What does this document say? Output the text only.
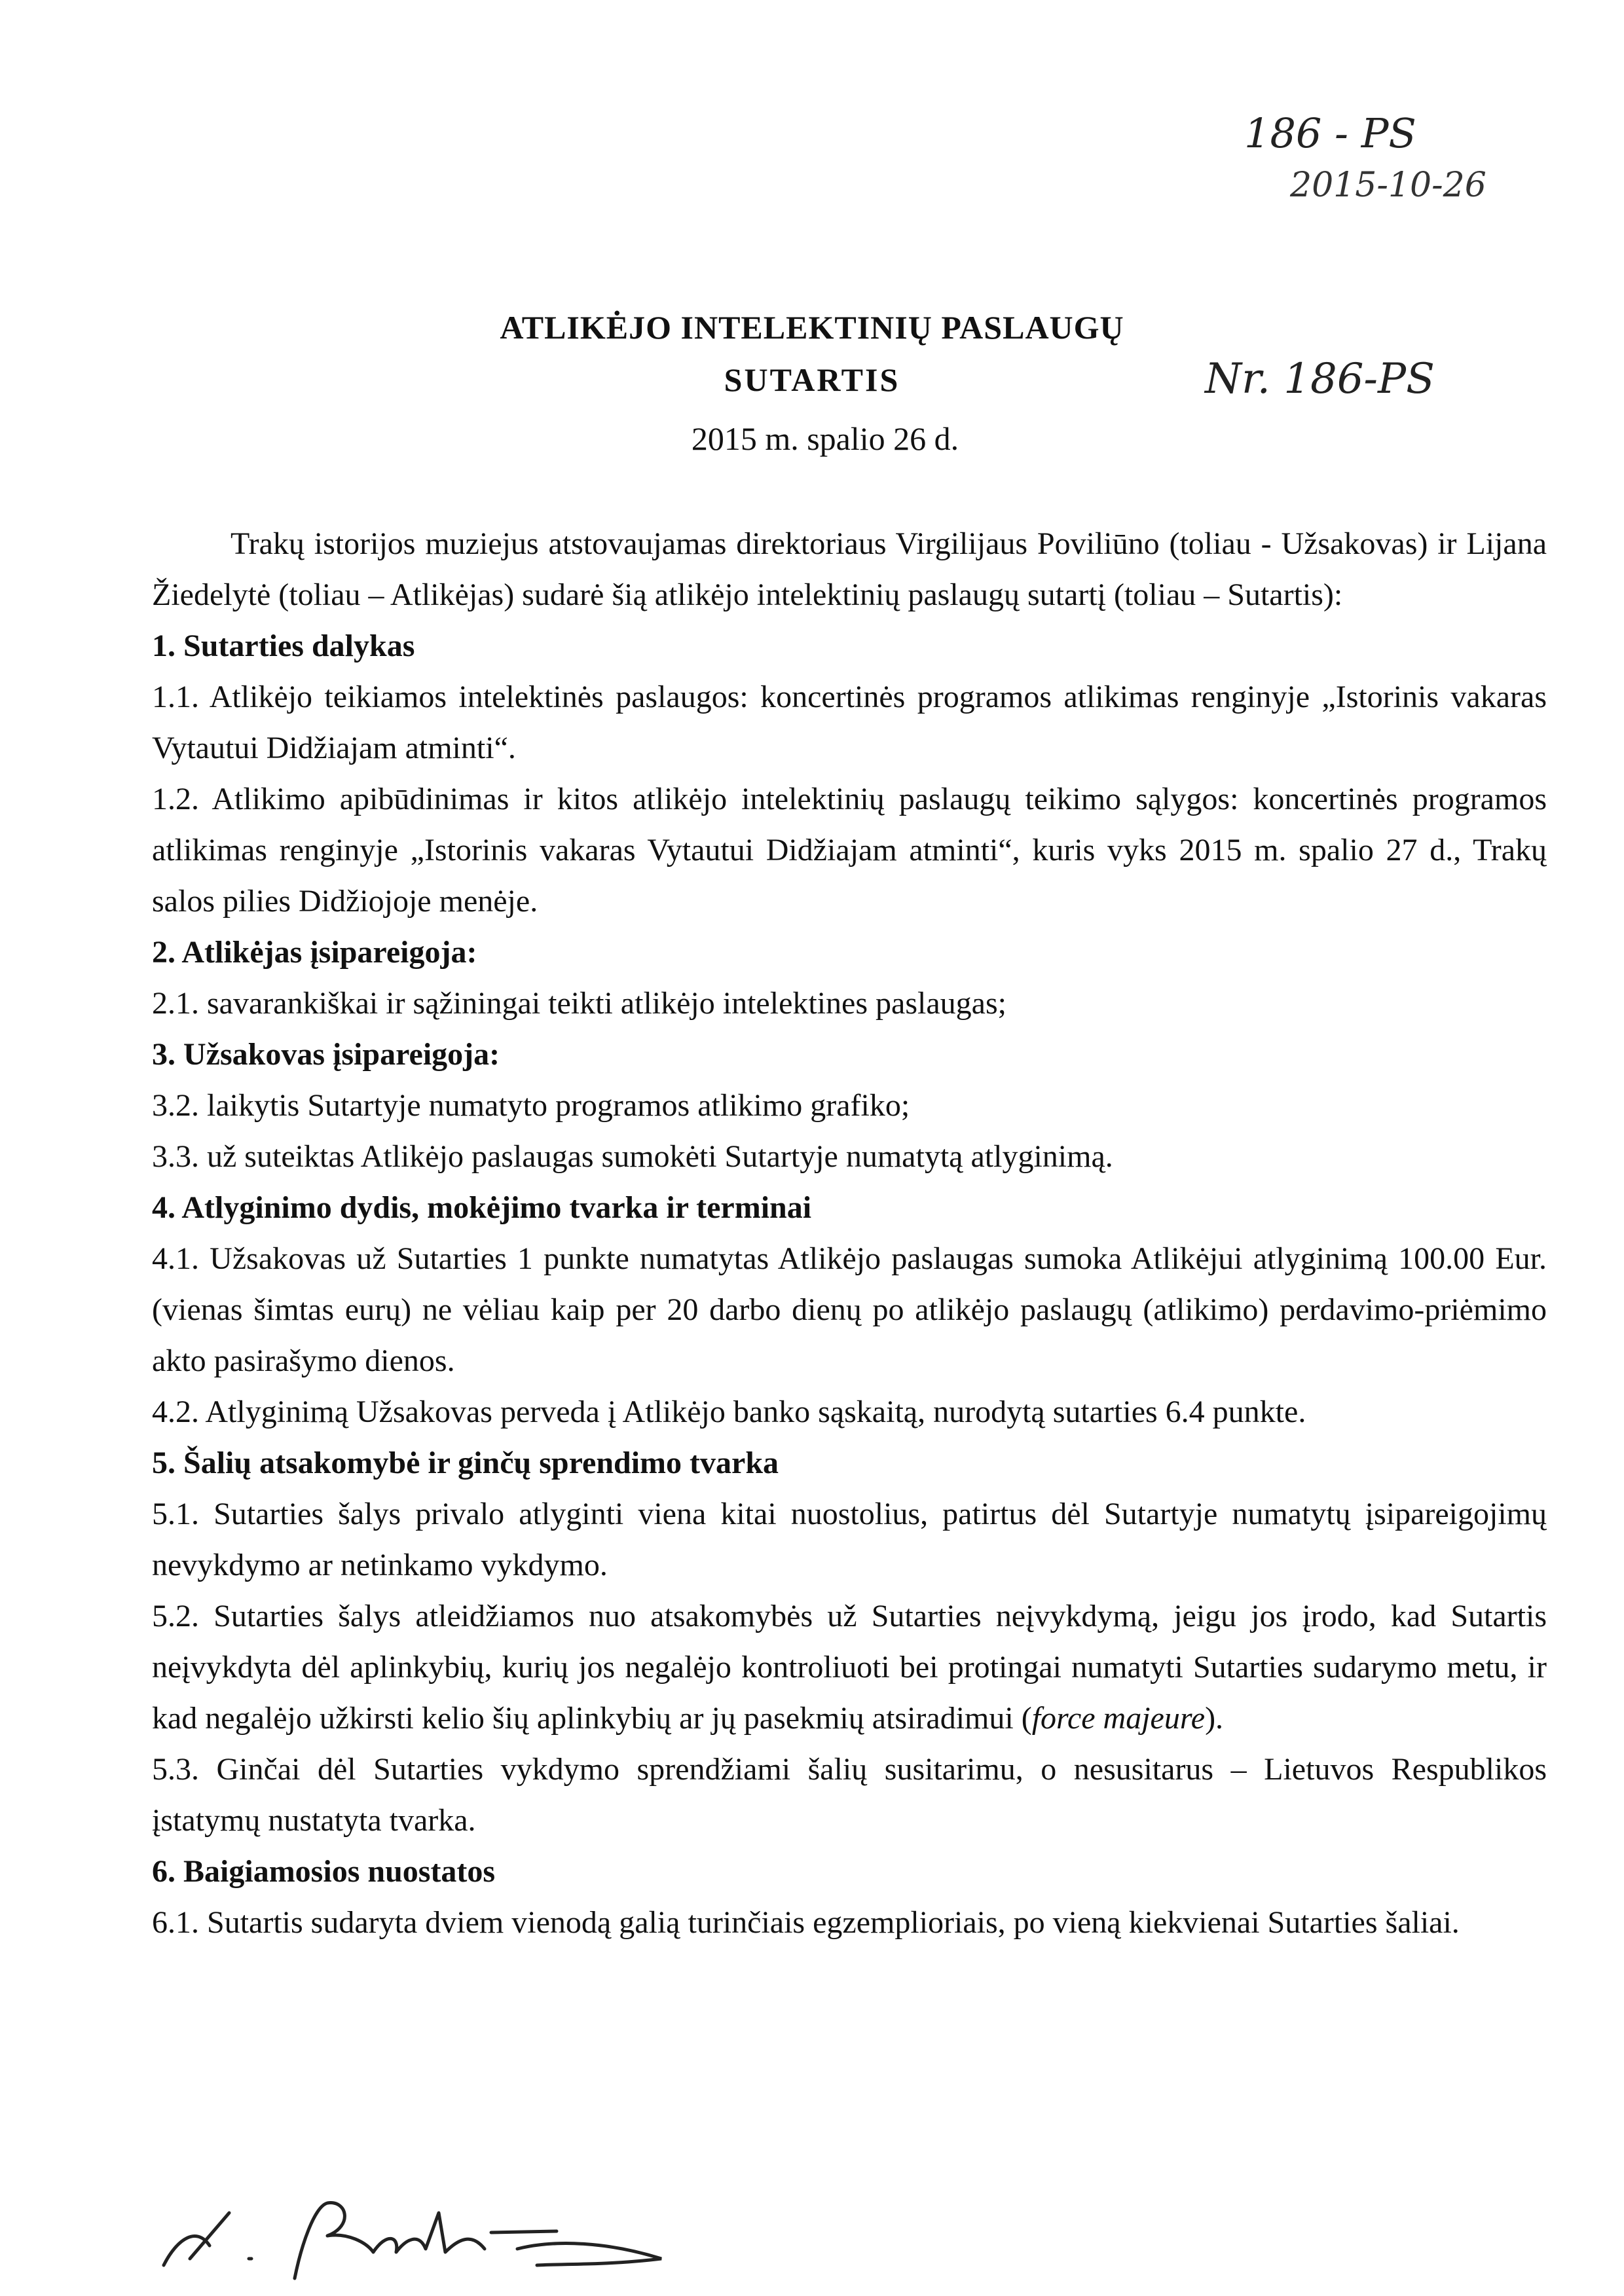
186 - PS
2015-10-26
Nr. 186-PS
ATLIKĖJO INTELEKTINIŲ PASLAUGŲ
SUTARTIS
2015 m. spalio 26 d.

Trakų istorijos muziejus atstovaujamas direktoriaus Virgilijaus Poviliūno (toliau - Užsakovas) ir Lijana Žiedelytė (toliau – Atlikėjas) sudarė šią atlikėjo intelektinių paslaugų sutartį (toliau – Sutartis):

1. Sutarties dalykas

1.1. Atlikėjo teikiamos intelektinės paslaugos: koncertinės programos atlikimas renginyje „Istorinis vakaras Vytautui Didžiajam atminti“.

1.2. Atlikimo apibūdinimas ir kitos atlikėjo intelektinių paslaugų teikimo sąlygos: koncertinės programos atlikimas renginyje „Istorinis vakaras Vytautui Didžiajam atminti“, kuris vyks 2015 m. spalio 27 d., Trakų salos pilies Didžiojoje menėje.

2. Atlikėjas įsipareigoja:

2.1. savarankiškai ir sąžiningai teikti atlikėjo intelektines paslaugas;

3. Užsakovas įsipareigoja:

3.2. laikytis Sutartyje numatyto programos atlikimo grafiko;

3.3. už suteiktas Atlikėjo paslaugas sumokėti Sutartyje numatytą atlyginimą.

4. Atlyginimo dydis, mokėjimo tvarka ir terminai

4.1. Užsakovas už Sutarties 1 punkte numatytas Atlikėjo paslaugas sumoka Atlikėjui atlyginimą 100.00 Eur. (vienas šimtas eurų) ne vėliau kaip per 20 darbo dienų po atlikėjo paslaugų (atlikimo) perdavimo-priėmimo akto pasirašymo dienos.

4.2. Atlyginimą Užsakovas perveda į Atlikėjo banko sąskaitą, nurodytą sutarties 6.4 punkte.

5. Šalių atsakomybė ir ginčų sprendimo tvarka

5.1. Sutarties šalys privalo atlyginti viena kitai nuostolius, patirtus dėl Sutartyje numatytų įsipareigojimų nevykdymo ar netinkamo vykdymo.

5.2. Sutarties šalys atleidžiamos nuo atsakomybės už Sutarties neįvykdymą, jeigu jos įrodo, kad Sutartis neįvykdyta dėl aplinkybių, kurių jos negalėjo kontroliuoti bei protingai numatyti Sutarties sudarymo metu, ir kad negalėjo užkirsti kelio šių aplinkybių ar jų pasekmių atsiradimui (force majeure).

5.3. Ginčai dėl Sutarties vykdymo sprendžiami šalių susitarimu, o nesusitarus – Lietuvos Respublikos įstatymų nustatyta tvarka.

6. Baigiamosios nuostatos

6.1. Sutartis sudaryta dviem vienodą galią turinčiais egzemplioriais, po vieną kiekvienai Sutarties šaliai.
